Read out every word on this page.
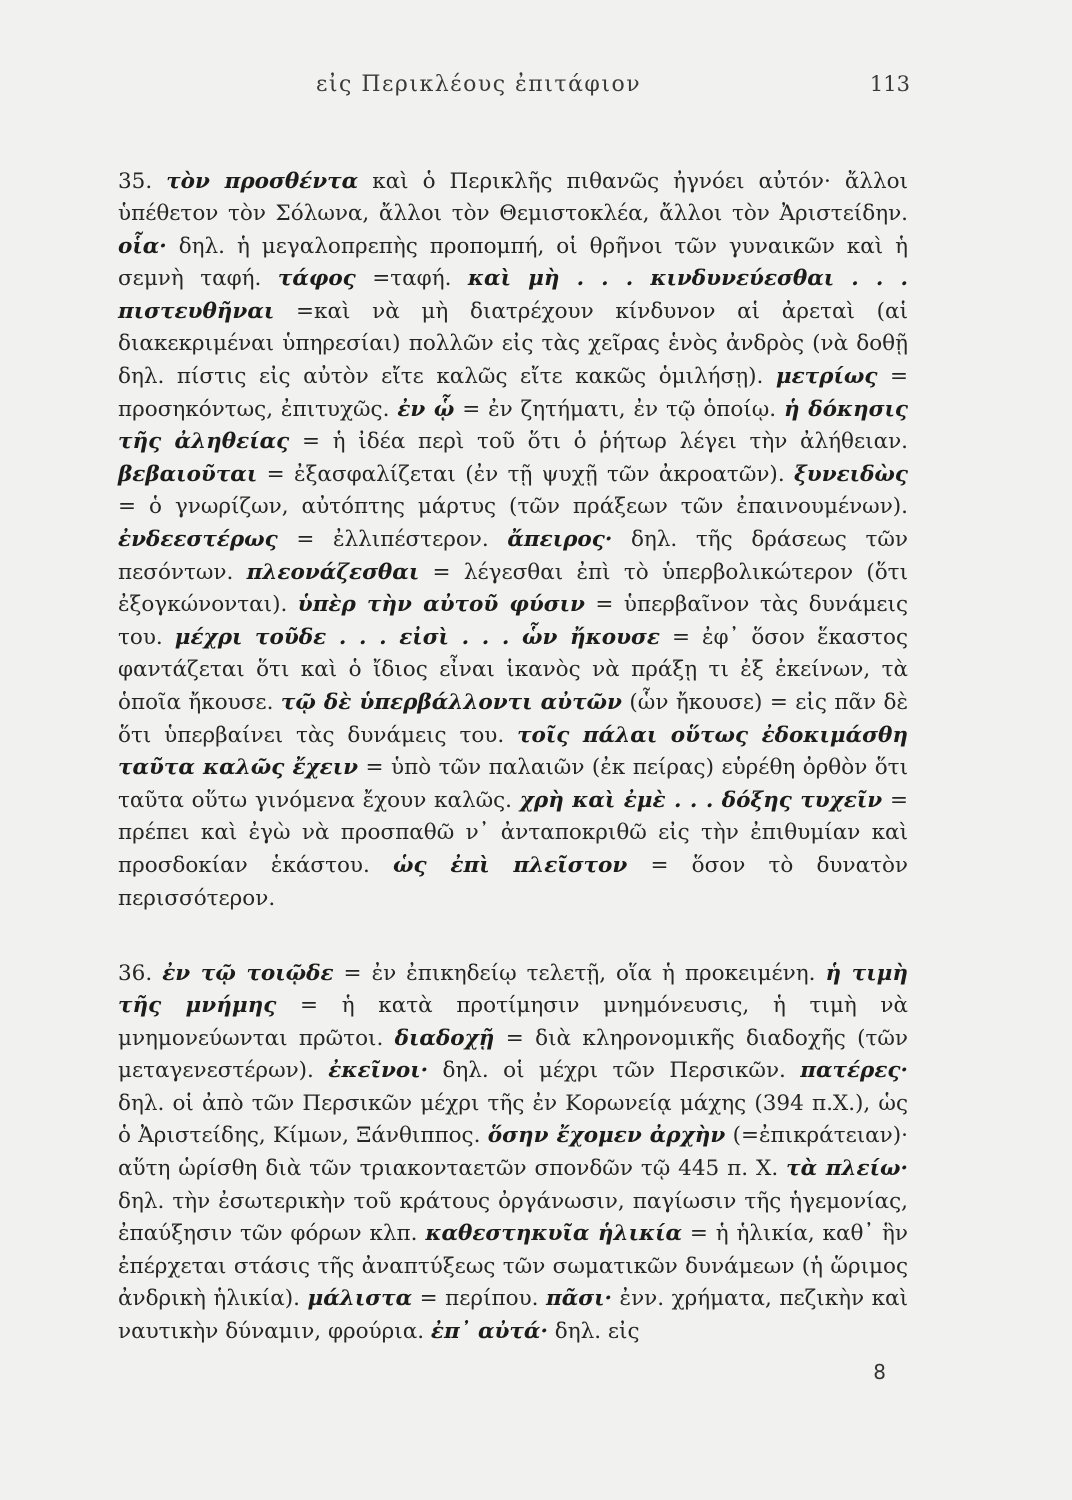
εἰς Περικλέους ἐπιτάφιον	113

35. τὸν προσθέντα καὶ ὁ Περικλῆς πιθανῶς ἠγνόει αὐτόν· ἄλλοι ὑπέθετον τὸν Σόλωνα, ἄλλοι τὸν Θεμιστοκλέα, ἄλλοι τὸν Ἀριστείδην. οἷα· δηλ. ἡ μεγαλοπρεπὴς προπομπή, οἱ θρῆνοι τῶν γυναικῶν καὶ ἡ σεμνὴ ταφή. τάφος =ταφή. καὶ μὴ . . . κινδυνεύεσθαι . . . πιστευθῆναι =καὶ νὰ μὴ διατρέχουν κίνδυνον αἱ ἀρεταὶ (αἱ διακεκριμέναι ὑπηρεσίαι) πολλῶν εἰς τὰς χεῖρας ἑνὸς ἀνδρὸς (νὰ δοθῇ δηλ. πίστις εἰς αὐτὸν εἴτε καλῶς εἴτε κακῶς ὁμιλήσῃ). μετρίως = προσηκόντως, ἐπιτυχῶς. ἐν ᾧ = ἐν ζητήματι, ἐν τῷ ὁποίῳ. ἡ δόκησις τῆς ἀληθείας = ἡ ἰδέα περὶ τοῦ ὅτι ὁ ῥήτωρ λέγει τὴν ἀλήθειαν. βεβαιοῦται = ἐξασφαλίζεται (ἐν τῇ ψυχῇ τῶν ἀκροατῶν). ξυνειδὼς = ὁ γνωρίζων, αὐτόπτης μάρτυς (τῶν πράξεων τῶν ἐπαινουμένων). ἐνδεεστέρως = ἐλλιπέστερον. ἄπειρος· δηλ. τῆς δράσεως τῶν πεσόντων. πλεονάζεσθαι = λέγεσθαι ἐπὶ τὸ ὑπερβολικώτερον (ὅτι ἐξογκώνονται). ὑπὲρ τὴν αὐτοῦ φύσιν = ὑπερβαῖνον τὰς δυνάμεις του. μέχρι τοῦδε . . . εἰσὶ . . . ὧν ἤκουσε = ἐφ᾿ ὅσον ἕκαστος φαντάζεται ὅτι καὶ ὁ ἴδιος εἶναι ἱκανὸς νὰ πράξῃ τι ἐξ ἐκείνων, τὰ ὁποῖα ἤκουσε. τῷ δὲ ὑπερβάλλοντι αὐτῶν (ὧν ἤκουσε) = εἰς πᾶν δὲ ὅτι ὑπερβαίνει τὰς δυνάμεις του. τοῖς πάλαι οὕτως ἐδοκιμάσθη ταῦτα καλῶς ἔχειν = ὑπὸ τῶν παλαιῶν (ἐκ πείρας) εὑρέθη ὀρθὸν ὅτι ταῦτα οὕτω γινόμενα ἔχουν καλῶς. χρὴ καὶ ἐμὲ . . . δόξης τυχεῖν = πρέπει καὶ ἐγὼ νὰ προσπαθῶ ν᾿ ἀνταποκριθῶ εἰς τὴν ἐπιθυμίαν καὶ προσδοκίαν ἑκάστου. ὡς ἐπὶ πλεῖστον = ὅσον τὸ δυνατὸν περισσότερον.

36. ἐν τῷ τοιῷδε = ἐν ἐπικηδείῳ τελετῇ, οἵα ἡ προκειμένη. ἡ τιμὴ τῆς μνήμης = ἡ κατὰ προτίμησιν μνημόνευσις, ἡ τιμὴ νὰ μνημονεύωνται πρῶτοι. διαδοχῇ = διὰ κληρονομικῆς διαδοχῆς (τῶν μεταγενεστέρων). ἐκεῖνοι· δηλ. οἱ μέχρι τῶν Περσικῶν. πατέρες· δηλ. οἱ ἀπὸ τῶν Περσικῶν μέχρι τῆς ἐν Κορωνείᾳ μάχης (394 π.Χ.), ὡς ὁ Ἀριστείδης, Κίμων, Ξάνθιππος. ὅσην ἔχομεν ἀρχὴν (=ἐπικράτειαν)· αὕτη ὡρίσθη διὰ τῶν τριακονταετῶν σπονδῶν τῷ 445 π. Χ. τὰ πλείω· δηλ. τὴν ἐσωτερικὴν τοῦ κράτους ὀργάνωσιν, παγίωσιν τῆς ἡγεμονίας, ἐπαύξησιν τῶν φόρων κλπ. καθεστηκυῖα ἡλικία = ἡ ἡλικία, καθ᾿ ἣν ἐπέρχεται στάσις τῆς ἀναπτύξεως τῶν σωματικῶν δυνάμεων (ἡ ὥριμος ἀνδρικὴ ἡλικία). μάλιστα = περίπου. πᾶσι· ἐνν. χρήματα, πεζικὴν καὶ ναυτικὴν δύναμιν, φρούρια. ἐπ᾿ αὐτά· δηλ. εἰς

8
